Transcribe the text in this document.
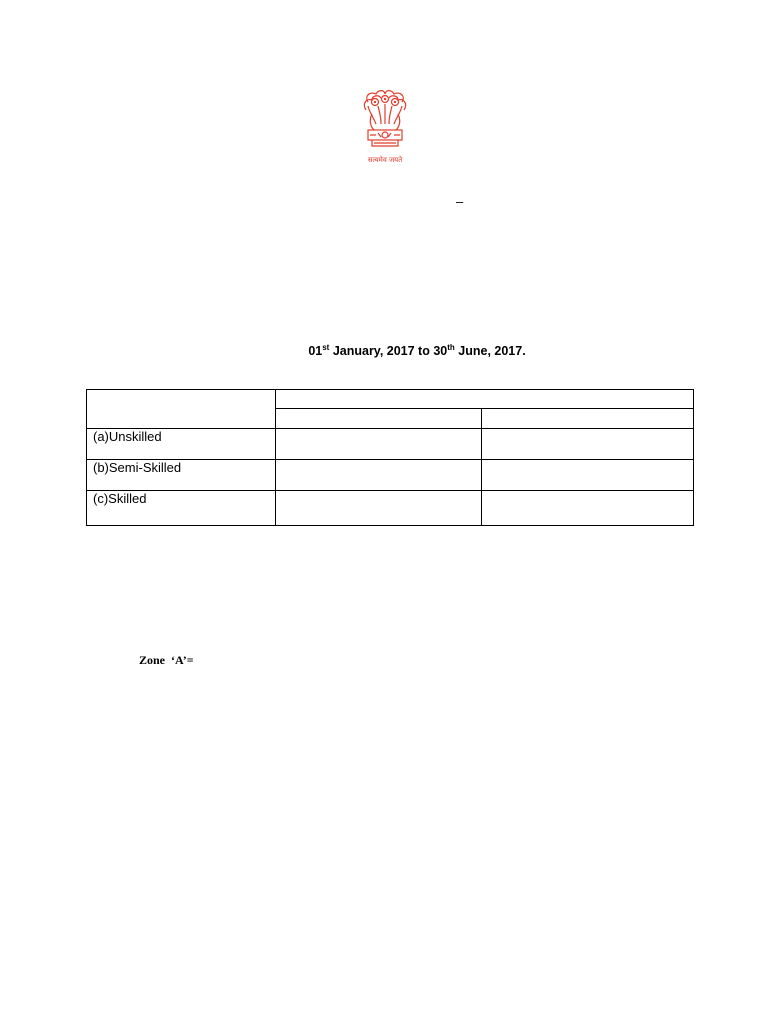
सत्यमेव जयते
–
01st January, 2017 to 30th June, 2017.

(a)Unskilled		
(b)Semi-Skilled		
(c)Skilled		
Zone  ‘A’=
